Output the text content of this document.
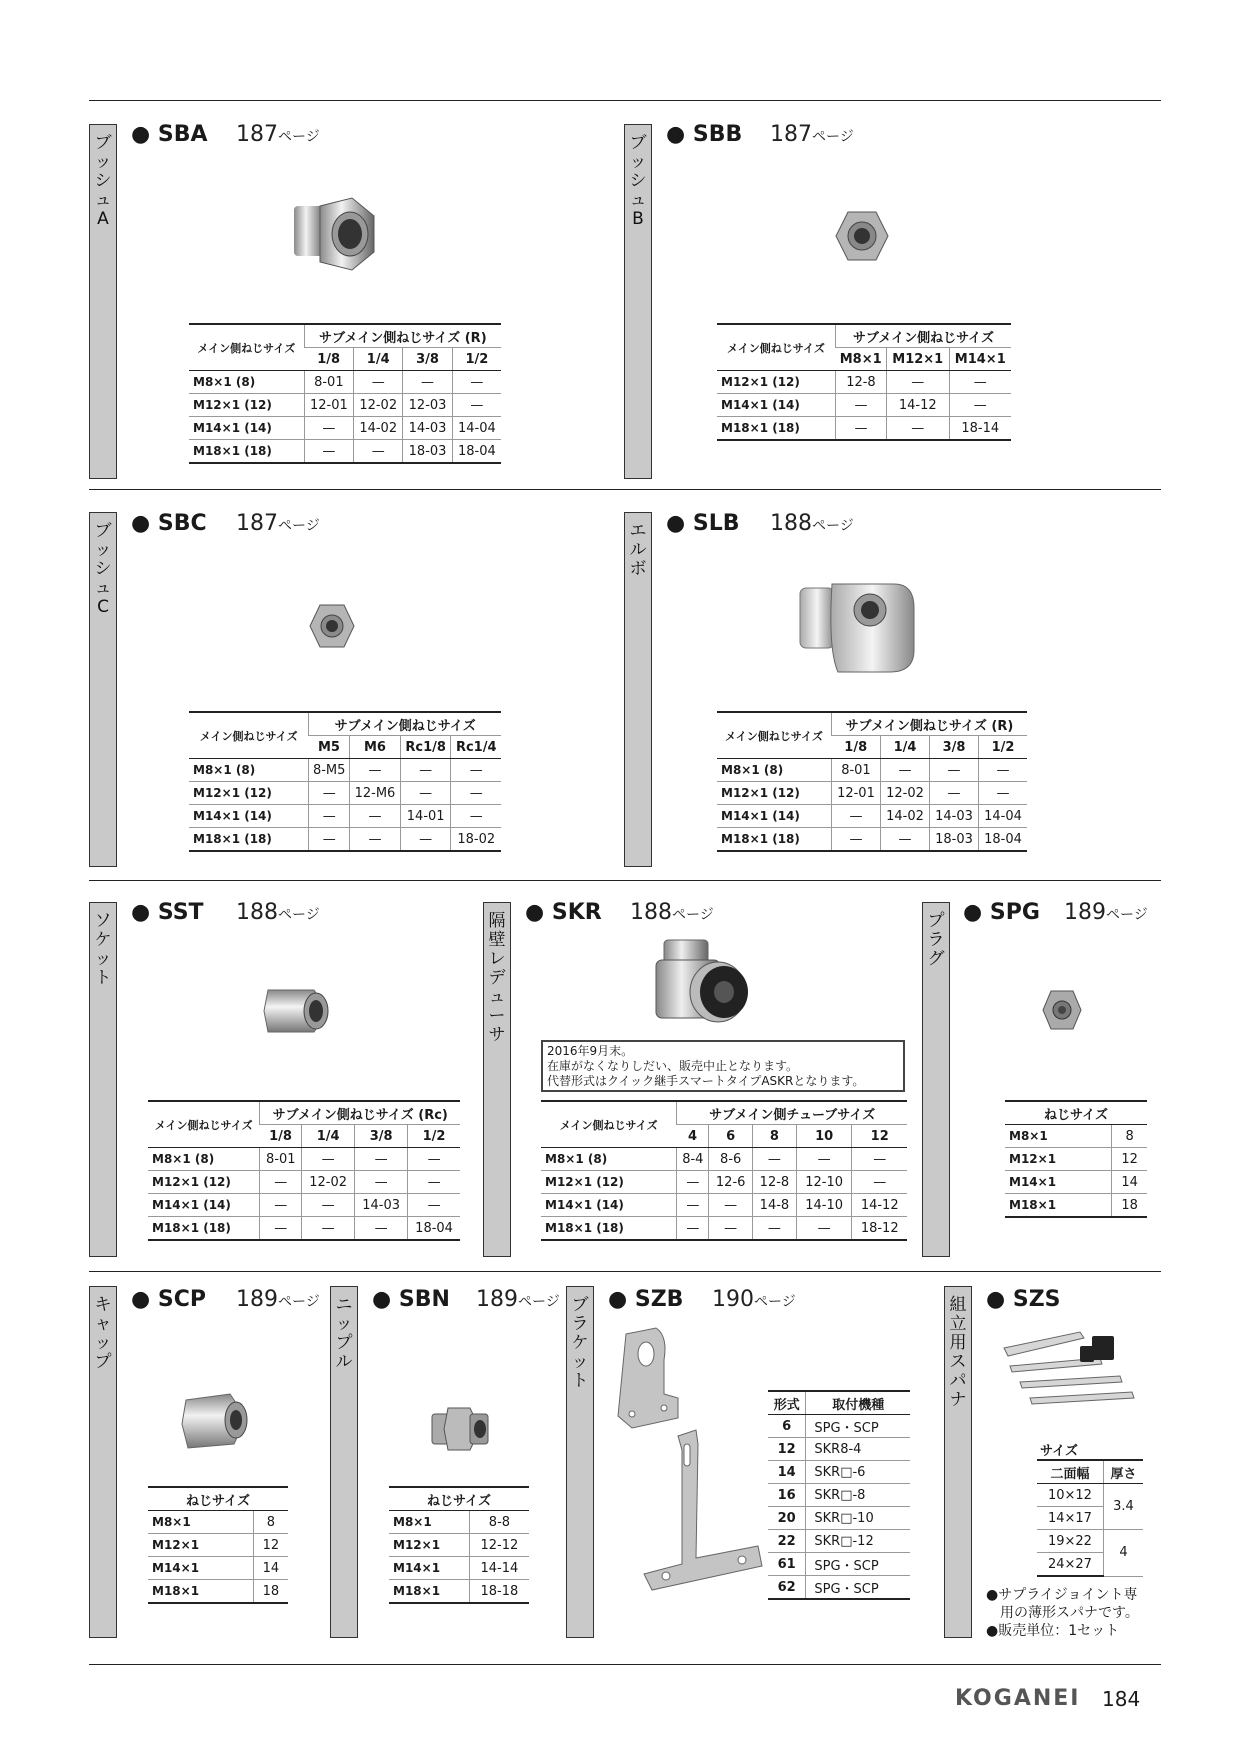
ブ
ッ
シ
ュ
A
● SBA 187ページ
メイン側ねじサイズ	サブメイン側ねじサイズ (R)			
	1/8	1/4	3/8	1/2
M8×1 (8)	8-01	—	—	—
M12×1 (12)	12-01	12-02	12-03	—
M14×1 (14)	—	14-02	14-03	14-04
M18×1 (18)	—	—	18-03	18-04
ブ
ッ
シ
ュ
B
● SBB 187ページ
メイン側ねじサイズ	サブメイン側ねじサイズ		
	M8×1	M12×1	M14×1
M12×1 (12)	12-8	—	—
M14×1 (14)	—	14-12	—
M18×1 (18)	—	—	18-14
ブ
ッ
シ
ュ
C
● SBC 187ページ
メイン側ねじサイズ	サブメイン側ねじサイズ			
	M5	M6	Rc1/8	Rc1/4
M8×1 (8)	8-M5	—	—	—
M12×1 (12)	—	12-M6	—	—
M14×1 (14)	—	—	14-01	—
M18×1 (18)	—	—	—	18-02
エ
ル
ボ
● SLB 188ページ
メイン側ねじサイズ	サブメイン側ねじサイズ (R)			
	1/8	1/4	3/8	1/2
M8×1 (8)	8-01	—	—	—
M12×1 (12)	12-01	12-02	—	—
M14×1 (14)	—	14-02	14-03	14-04
M18×1 (18)	—	—	18-03	18-04
ソ
ケ
ッ
ト
● SST 188ページ
メイン側ねじサイズ	サブメイン側ねじサイズ (Rc)			
	1/8	1/4	3/8	1/2
M8×1 (8)	8-01	—	—	—
M12×1 (12)	—	12-02	—	—
M14×1 (14)	—	—	14-03	—
M18×1 (18)	—	—	—	18-04
隔
壁
レ
デ
ュ
ー
サ
● SKR 188ページ
2016年9月末。
在庫がなくなりしだい、販売中止となります。
代替形式はクイック継手スマートタイプASKRとなります。
メイン側ねじサイズ	サブメイン側チューブサイズ				
	4	6	8	10	12
M8×1 (8)	8-4	8-6	—	—	—
M12×1 (12)	—	12-6	12-8	12-10	—
M14×1 (14)	—	—	14-8	14-10	14-12
M18×1 (18)	—	—	—	—	18-12
プ
ラ
グ
● SPG 189ページ
ねじサイズ	
M8×1	8
M12×1	12
M14×1	14
M18×1	18
キ
ャ
ッ
プ
● SCP 189ページ
ねじサイズ	
M8×1	8
M12×1	12
M14×1	14
M18×1	18
ニ
ッ
プ
ル
● SBN 189ページ
ねじサイズ	
M8×1	8-8
M12×1	12-12
M14×1	14-14
M18×1	18-18
ブ
ラ
ケ
ッ
ト
● SZB 190ページ
形式	取付機種
6	SPG・SCP
12	SKR8-4
14	SKR□-6
16	SKR□-8
20	SKR□-10
22	SKR□-12
61	SPG・SCP
62	SPG・SCP
組
立
用
ス
パ
ナ
● SZS
サイズ
二面幅	厚さ
10×12	3.4
14×17	
19×22	4
24×27	
●サプライジョイント専
　用の薄形スパナです。
●販売単位：1セット
KOGANEI 184
